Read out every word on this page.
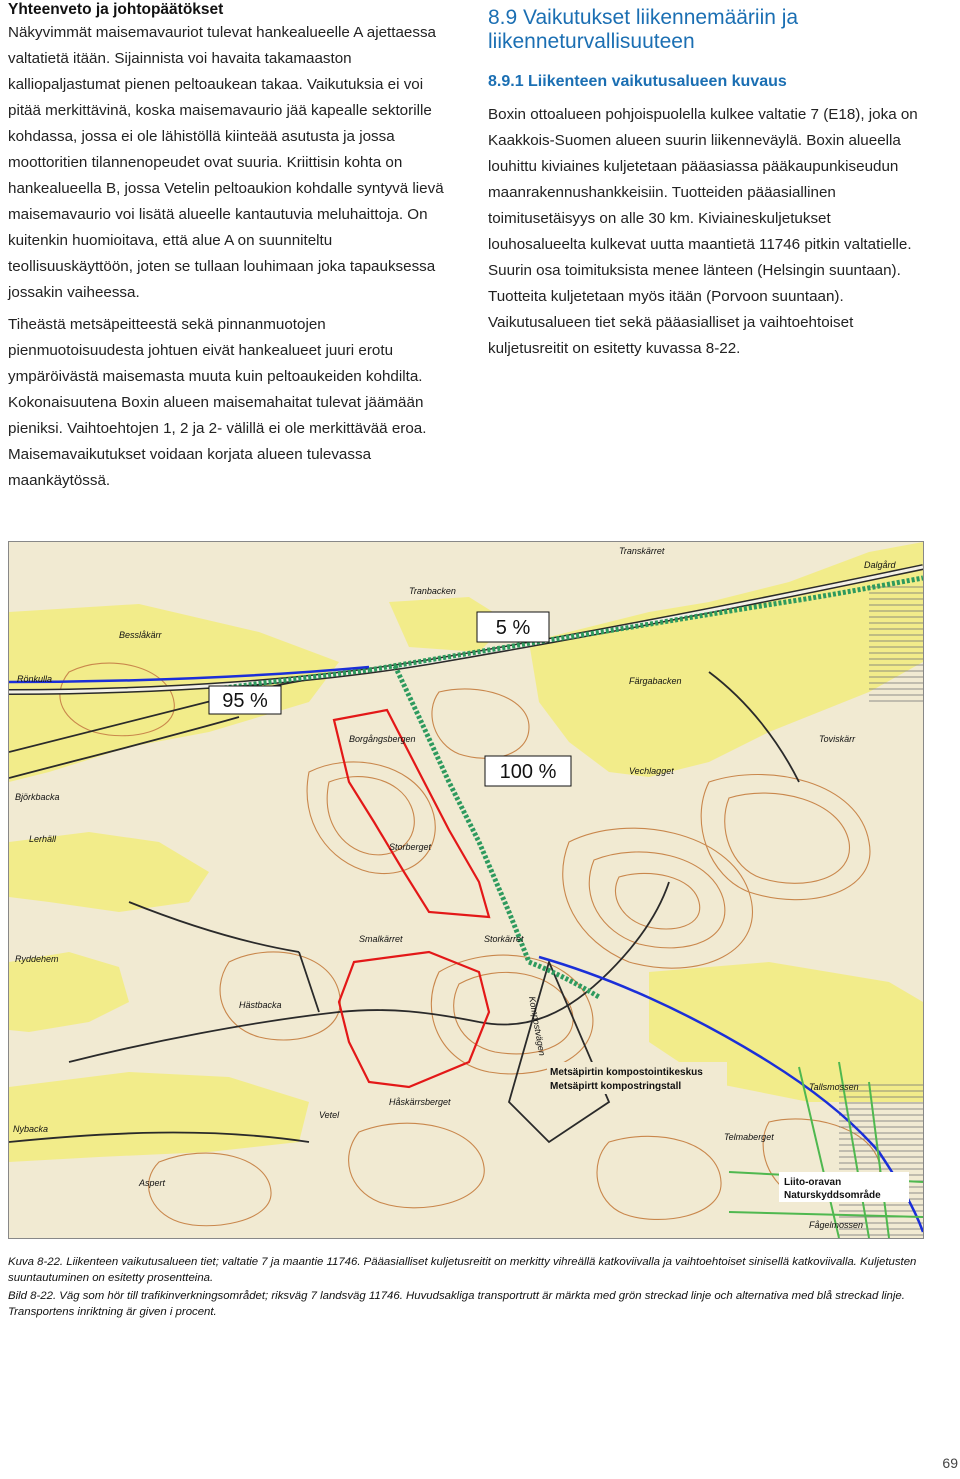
Yhteenveto ja johtopäätökset

Näkyvimmät maisemavauriot tulevat hankealueelle A ajettaessa valtatietä itään. Sijainnista voi havaita takamaaston kalliopaljastumat pienen peltoaukean takaa. Vaikutuksia ei voi pitää merkittävinä, koska maisemavaurio jää kapealle sektorille kohdassa, jossa ei ole lähistöllä kiinteää asutusta ja jossa moottoritien tilannenopeudet ovat suuria. Kriittisin kohta on hankealueella B, jossa Vetelin peltoaukion kohdalle syntyvä lievä maisemavaurio voi lisätä alueelle kantautuvia meluhaittoja. On kuitenkin huomioitava, että alue A on suunniteltu teollisuuskäyttöön, joten se tullaan louhimaan joka tapauksessa jossakin vaiheessa.

Tiheästä metsäpeitteestä sekä pinnanmuotojen pienmuotoisuudesta johtuen eivät hankealueet juuri erotu ympäröivästä maisemasta muuta kuin peltoaukeiden kohdilta. Kokonaisuutena Boxin alueen maisemahaitat tulevat jäämään pieniksi. Vaihtoehtojen 1, 2 ja 2- välillä ei ole merkittävää eroa. Maisemavaikutukset voidaan korjata alueen tulevassa maankäytössä.

8.9 Vaikutukset liikennemääriin ja liikenneturvallisuuteen
8.9.1 Liikenteen vaikutusalueen kuvaus

Boxin ottoalueen pohjoispuolella kulkee valtatie 7 (E18), joka on Kaakkois-Suomen alueen suurin liikenneväylä. Boxin alueella louhittu kiviaines kuljetetaan pääasiassa pääkaupunkiseudun maanrakennushankkeisiin. Tuotteiden pääasiallinen toimitusetäisyys on alle 30 km. Kiviaineskuljetukset louhosalueelta kulkevat uutta maantietä 11746 pitkin valtatielle. Suurin osa toimituksista menee länteen (Helsingin suuntaan). Tuotteita kuljetetaan myös itään (Porvoon suuntaan). Vaikutusalueen tiet sekä pääasialliset ja vaihtoehtoiset kuljetusreitit on esitetty kuvassa 8-22.

5 %
95 %
100 %
Transkärret
Tranbacken
Dalgård
Besslåkärr
Rönkulla
Björkbacka
Lerhäll
Borgångsbergen
Storberget
Storkärret
Smalkärret
Ryddehem
Hästbacka
Vetel
Håskärrsberget
Nybacka
Aspert
Toviskärr
Vechlagget
Färgabacken
Tallsmossen
Telmaberget
Fågelmossen
Kompostvägen
Metsäpirtin kompostointikeskus
Metsäpirtt kompostringstall
Liito-oravan
Naturskyddsområde

Kuva 8-22. Liikenteen vaikutusalueen tiet; valtatie 7 ja maantie 11746. Pääasialliset kuljetusreitit on merkitty vihreällä katkoviivalla ja vaihtoehtoiset sinisellä katkoviivalla. Kuljetusten suuntautuminen on esitetty prosentteina.

Bild 8-22. Väg som hör till trafikinverkningsområdet; riksväg 7 landsväg 11746. Huvudsakliga transportrutt är märkta med grön streckad linje och alternativa med blå streckad linje. Transportens inriktning är given i procent.

69
